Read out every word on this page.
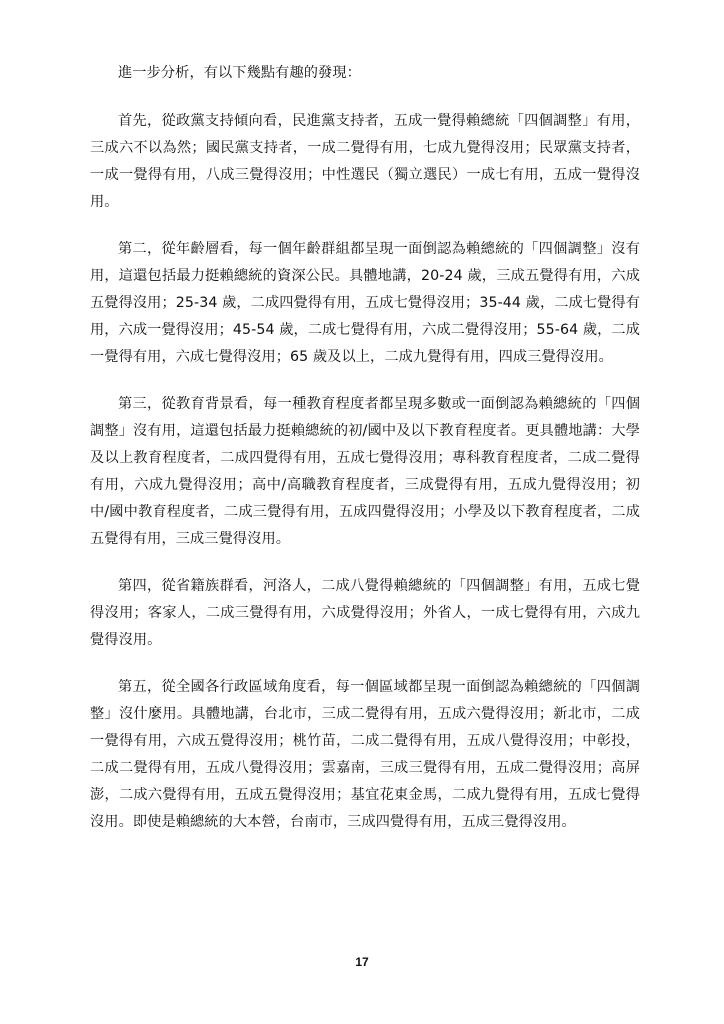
進一步分析，有以下幾點有趣的發現：

首先，從政黨支持傾向看，民進黨支持者，五成一覺得賴總統「四個調整」有用，三成六不以為然；國民黨支持者，一成二覺得有用，七成九覺得沒用；民眾黨支持者，一成一覺得有用，八成三覺得沒用；中性選民（獨立選民）一成七有用，五成一覺得沒用。

第二，從年齡層看，每一個年齡群組都呈現一面倒認為賴總統的「四個調整」沒有用，這還包括最力挺賴總統的資深公民。具體地講，20-24 歲，三成五覺得有用，六成五覺得沒用；25-34 歲，二成四覺得有用，五成七覺得沒用；35-44 歲，二成七覺得有用，六成一覺得沒用；45-54 歲，二成七覺得有用，六成二覺得沒用；55-64 歲，二成一覺得有用，六成七覺得沒用；65 歲及以上，二成九覺得有用，四成三覺得沒用。

第三，從教育背景看，每一種教育程度者都呈現多數或一面倒認為賴總統的「四個調整」沒有用，這還包括最力挺賴總統的初/國中及以下教育程度者。更具體地講：大學及以上教育程度者，二成四覺得有用，五成七覺得沒用；專科教育程度者，二成二覺得有用，六成九覺得沒用；高中/高職教育程度者，三成覺得有用，五成九覺得沒用；初中/國中教育程度者，二成三覺得有用，五成四覺得沒用；小學及以下教育程度者，二成五覺得有用，三成三覺得沒用。

第四，從省籍族群看，河洛人，二成八覺得賴總統的「四個調整」有用，五成七覺得沒用；客家人，二成三覺得有用，六成覺得沒用；外省人，一成七覺得有用，六成九覺得沒用。

第五，從全國各行政區域角度看，每一個區域都呈現一面倒認為賴總統的「四個調整」沒什麼用。具體地講，台北市，三成二覺得有用，五成六覺得沒用；新北市，二成一覺得有用，六成五覺得沒用；桃竹苗，二成二覺得有用，五成八覺得沒用；中彰投，二成二覺得有用，五成八覺得沒用；雲嘉南，三成三覺得有用，五成二覺得沒用；高屏澎，二成六覺得有用，五成五覺得沒用；基宜花東金馬，二成九覺得有用，五成七覺得沒用。即使是賴總統的大本營，台南市，三成四覺得有用，五成三覺得沒用。

17
